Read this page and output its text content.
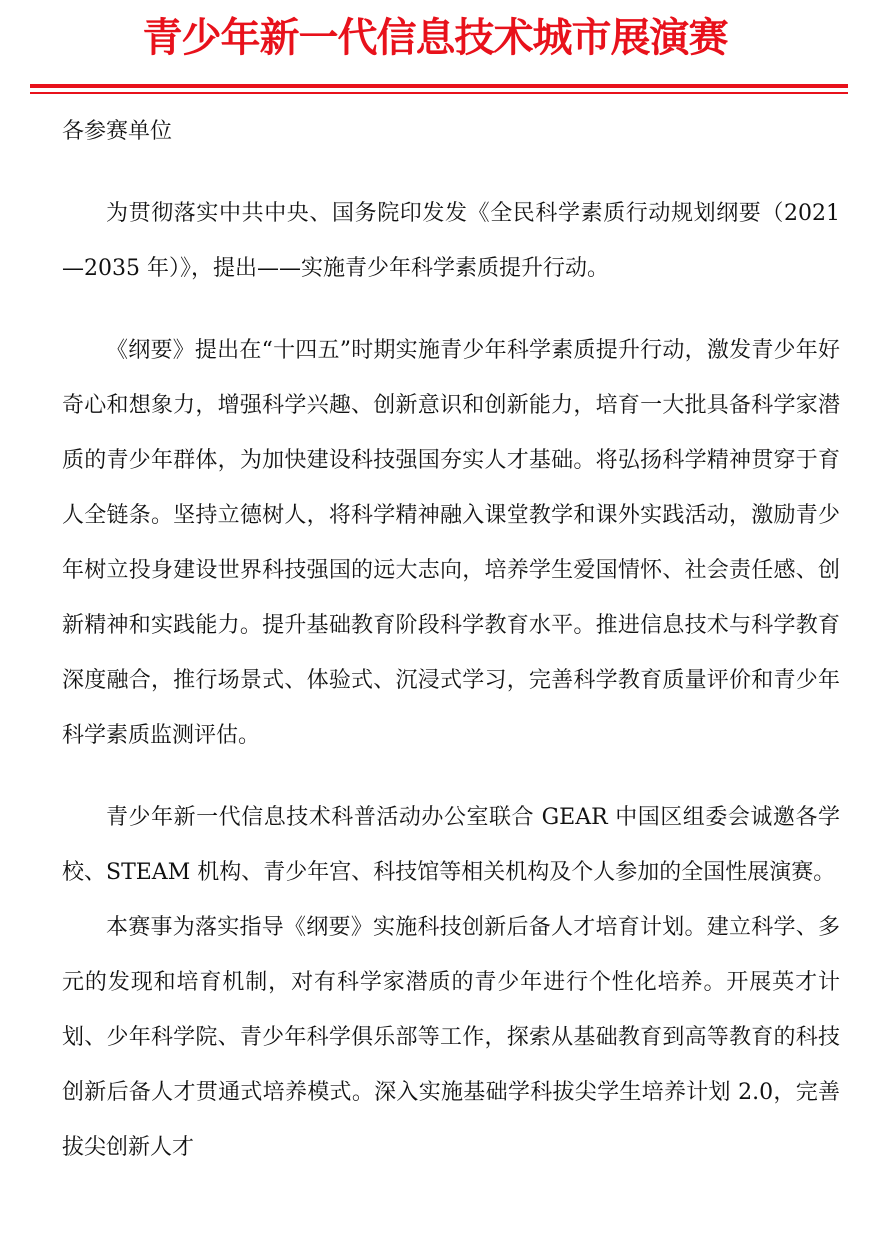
青少年新一代信息技术城市展演赛

各参赛单位

为贯彻落实中共中央、国务院印发发《全民科学素质行动规划纲要（2021—2035 年）》，提出——实施青少年科学素质提升行动。

《纲要》提出在“十四五”时期实施青少年科学素质提升行动，激发青少年好奇心和想象力，增强科学兴趣、创新意识和创新能力，培育一大批具备科学家潜质的青少年群体，为加快建设科技强国夯实人才基础。将弘扬科学精神贯穿于育人全链条。坚持立德树人，将科学精神融入课堂教学和课外实践活动，激励青少年树立投身建设世界科技强国的远大志向，培养学生爱国情怀、社会责任感、创新精神和实践能力。提升基础教育阶段科学教育水平。推进信息技术与科学教育深度融合，推行场景式、体验式、沉浸式学习，完善科学教育质量评价和青少年科学素质监测评估。

青少年新一代信息技术科普活动办公室联合 GEAR 中国区组委会诚邀各学校、STEAM 机构、青少年宫、科技馆等相关机构及个人参加的全国性展演赛。

本赛事为落实指导《纲要》实施科技创新后备人才培育计划。建立科学、多元的发现和培育机制，对有科学家潜质的青少年进行个性化培养。开展英才计划、少年科学院、青少年科学俱乐部等工作，探索从基础教育到高等教育的科技创新后备人才贯通式培养模式。深入实施基础学科拔尖学生培养计划 2.0，完善拔尖创新人才
